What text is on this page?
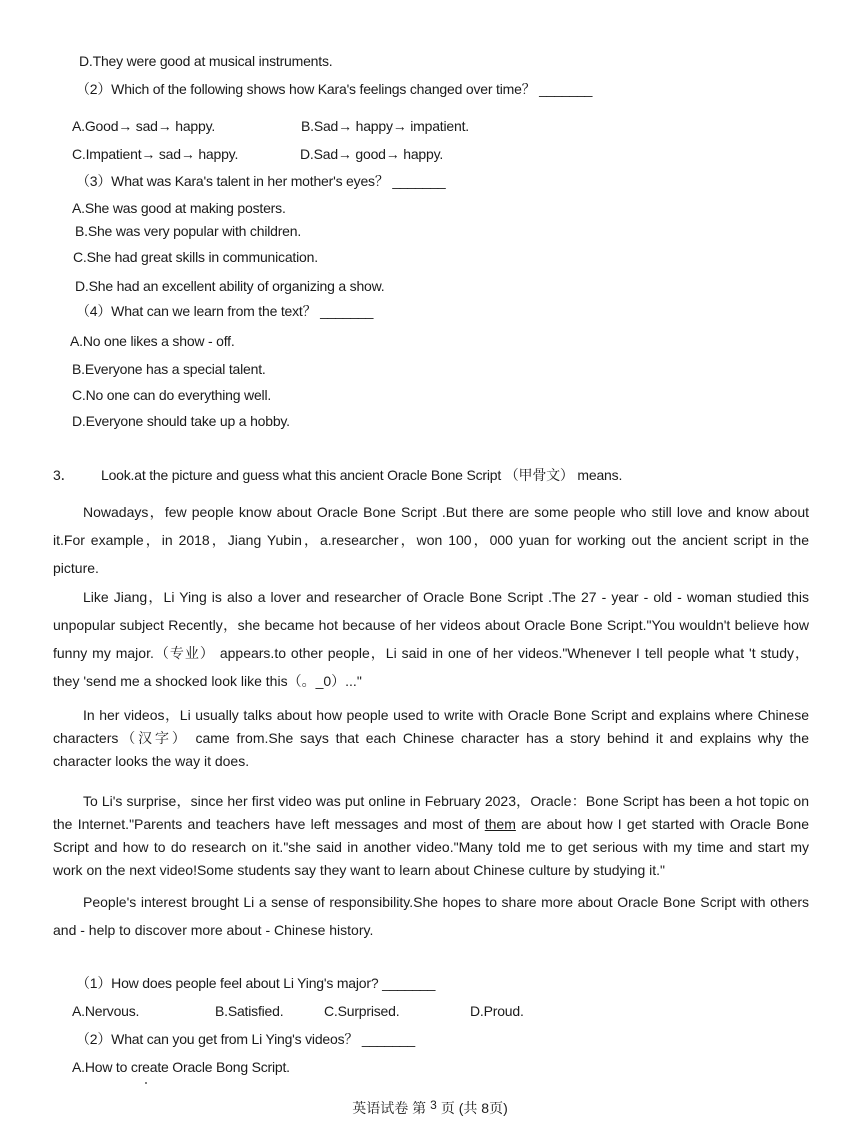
D.They were good at musical instruments.
（2）Which of the following shows how Kara's feelings changed over time？ _______
A.Good→ sad→ happy.	B.Sad→ happy→ impatient.
C.Impatient→ sad→ happy.	D.Sad→ good→ happy.
（3）What was Kara's talent in her mother's eyes？ _______
A.She was good at making posters.
B.She was very popular with children.
C.She had great skills in communication.
D.She had an excellent ability of organizing a show.
（4）What can we learn from the text？ _______
A.No one likes a show - off.
B.Everyone has a special talent.
C.No one can do everything well.
D.Everyone should take up a hobby.
3． Look.at the picture and guess what this ancient Oracle Bone Script （甲骨文） means.
Nowadays，few people know about Oracle Bone Script .But there are some people who still love and know about it.For example，in 2018，Jiang Yubin，a.researcher，won 100，000 yuan for working out the ancient script in the picture.
Like Jiang，Li Ying is also a lover and researcher of Oracle Bone Script .The 27 - year - old - woman studied this unpopular subject Recently，she became hot because of her videos about Oracle Bone Script."You wouldn't believe how funny my major.（专业） appears.to other people，Li said in one of her videos."Whenever I tell people what 't study，they 'send me a shocked look like this（。_0）..."
In her videos，Li usually talks about how people used to write with Oracle Bone Script and explains where Chinese characters（汉字） came from.She says that each Chinese character has a story behind it and explains why the character looks the way it does.
To Li's surprise，since her first video was put online in February 2023，Oracle：Bone Script has been a hot topic on the Internet."Parents and teachers have left messages and most of them are about how I get started with Oracle Bone Script and how to do research on it."she said in another video."Many told me to get serious with my time and start my work on the next video!Some students say they want to learn about Chinese culture by studying it."
People's interest brought Li a sense of responsibility.She hopes to share more about Oracle Bone Script with others and - help to discover more about - Chinese history.
（1）How does people feel about Li Ying's major? _______
A.Nervous.	B.Satisfied.	C.Surprised.	D.Proud.
（2）What can you get from Li Ying's videos？ _______
A.How to create Oracle Bong Script.
英语试卷 第 3 页 (共 8页)
